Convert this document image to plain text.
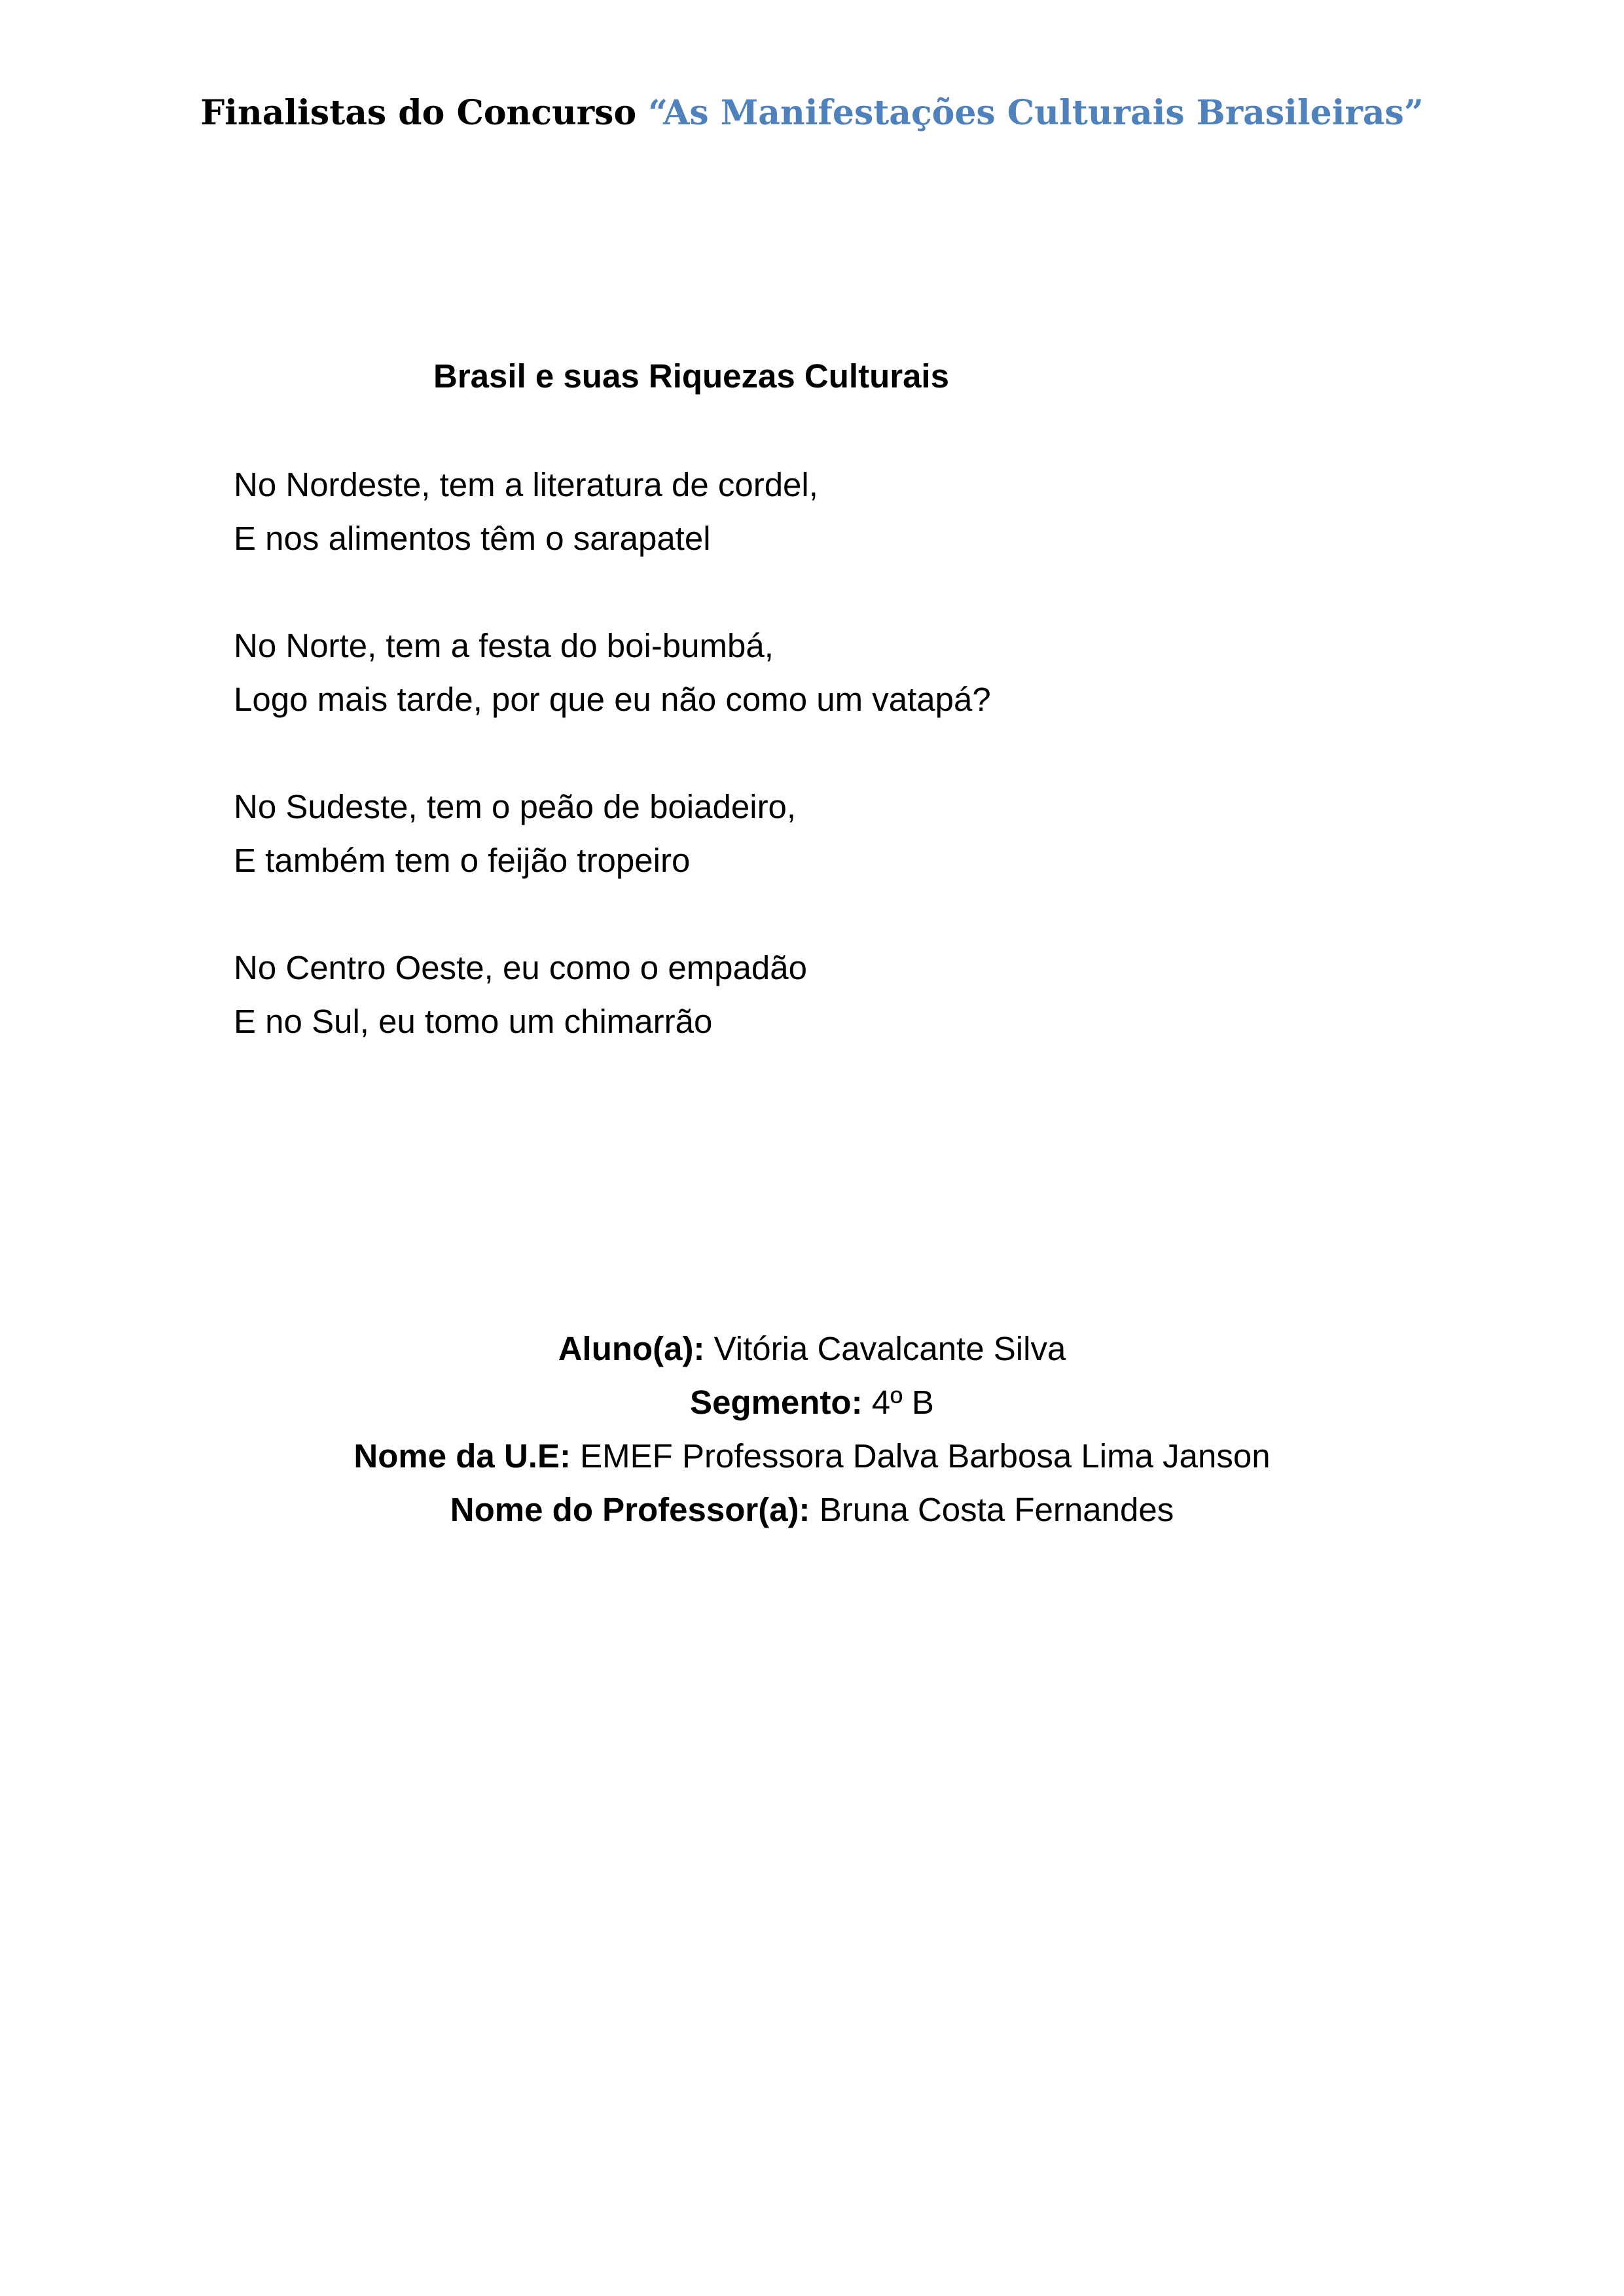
Finalistas do Concurso “As Manifestações Culturais Brasileiras”
Brasil e suas Riquezas Culturais
No Nordeste, tem a literatura de cordel,
E nos alimentos têm o sarapatel
No Norte, tem a festa do boi-bumbá,
Logo mais tarde, por que eu não como um vatapá?
No Sudeste, tem o peão de boiadeiro,
E também tem o feijão tropeiro
No Centro Oeste, eu como o empadão
E no Sul, eu tomo um chimarrão
Aluno(a): Vitória Cavalcante Silva
Segmento: 4º B
Nome da U.E: EMEF Professora Dalva Barbosa Lima Janson
Nome do Professor(a): Bruna Costa Fernandes
